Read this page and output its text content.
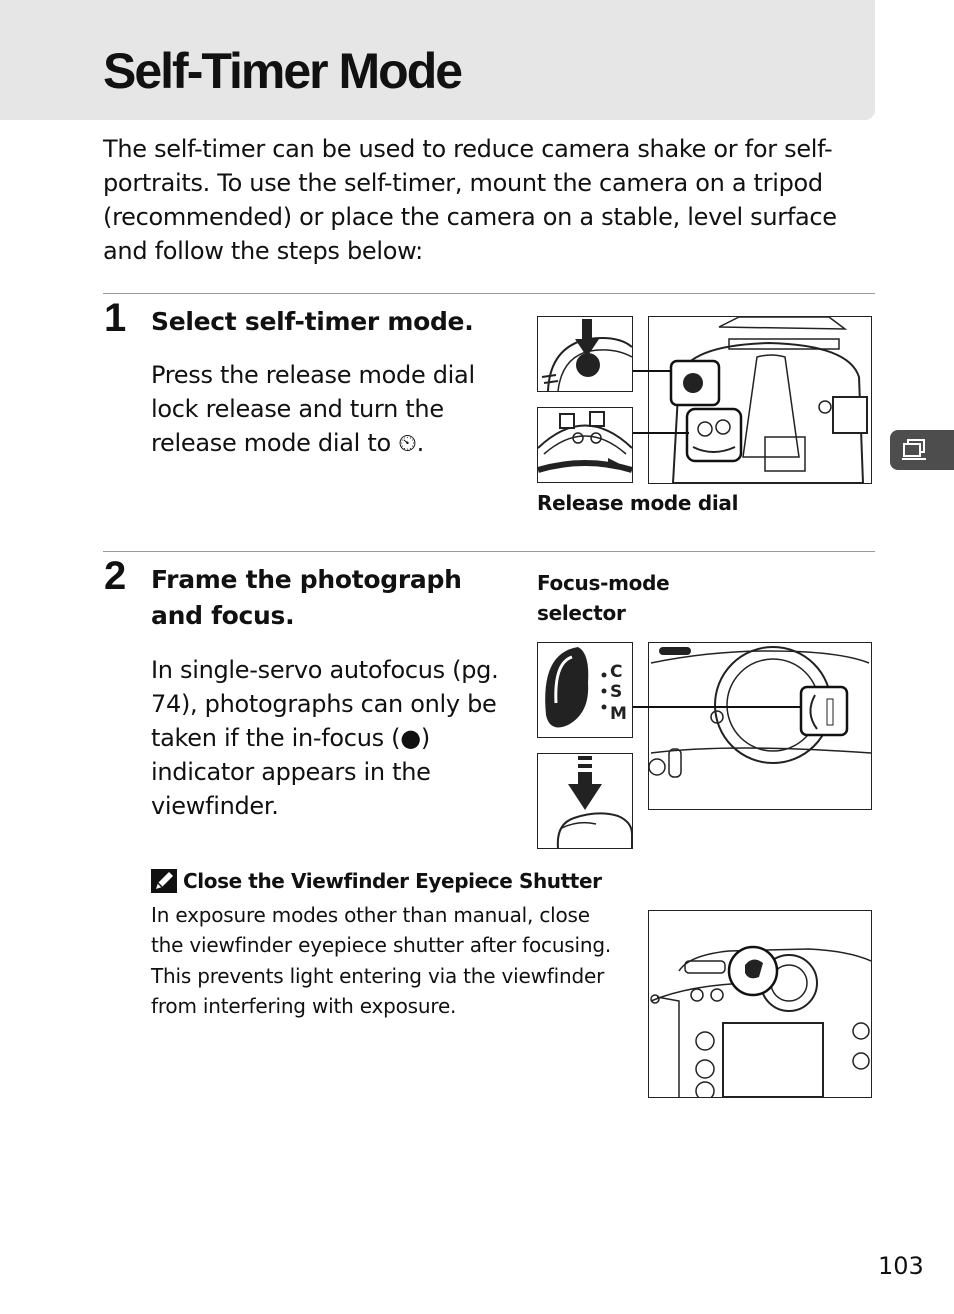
Self-Timer Mode

The self-timer can be used to reduce camera shake or for self-portraits. To use the self-timer, mount the camera on a tripod (recommended) or place the camera on a stable, level surface and follow the steps below:

1 Select self-timer mode.

Press the release mode dial lock release and turn the release mode dial to ⏲.

Release mode dial
2 Frame the photograph and focus.

In single-servo autofocus (pg. 74), photographs can only be taken if the in-focus (●) indicator appears in the viewfinder.

Focus-mode selector
C
S
M
Close the Viewfinder Eyepiece Shutter

In exposure modes other than manual, close the viewfinder eyepiece shutter after focusing. This prevents light entering via the viewfinder from interfering with exposure.

103
